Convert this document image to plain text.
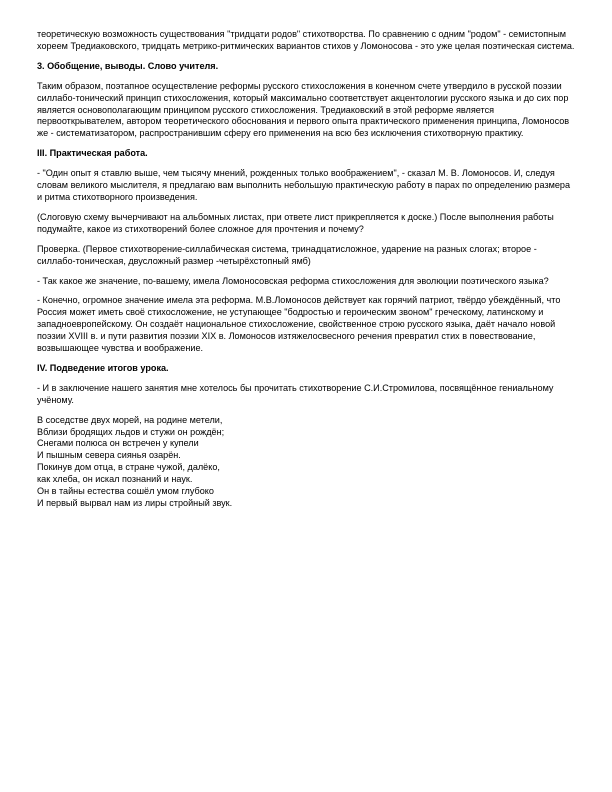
теоретическую возможность существования "тридцати родов" стихотворства. По сравнению с одним "родом" - семистопным хореем Тредиаковского, тридцать метрико-ритмических вариантов стихов у Ломоносова - это уже целая поэтическая система.

3. Обобщение, выводы. Слово учителя.

Таким образом, поэтапное осуществление реформы русского стихосложения в конечном счете утвердило в русской поэзии силлабо-тонический принцип стихосложения, который максимально соответствует акцентологии русского языка и до сих пор является основополагающим принципом русского стихосложения. Тредиаковский в этой реформе является первооткрывателем, автором теоретического обоснования и первого опыта практического применения принципа, Ломоносов же - систематизатором, распространившим сферу его применения на всю без исключения стихотворную практику.

III. Практическая работа.

- "Один опыт я ставлю выше, чем тысячу мнений, рожденных только воображением", - сказал М. В. Ломоносов. И, следуя словам великого мыслителя, я предлагаю вам выполнить небольшую практическую работу в парах по определению размера и ритма стихотворного произведения.

(Слоговую схему вычерчивают на альбомных листах, при ответе лист прикрепляется к доске.) После выполнения работы подумайте, какое из стихотворений более сложное для прочтения и почему?

Проверка. (Первое стихотворение-силлабическая система, тринадцатисложное, ударение на разных слогах; второе - силлабо-тоническая, двусложный размер -четырёхстопный ямб)

- Так какое же значение, по-вашему, имела Ломоносовская реформа стихосложения для эволюции поэтического языка?

- Конечно, огромное значение имела эта реформа. М.В.Ломоносов действует как горячий патриот, твёрдо убеждённый, что Россия может иметь своё стихосложение, не уступающее "бодростью и героическим звоном" греческому, латинскому и западноевропейскому. Он создаёт национальное стихосложение, свойственное строю русского языка, даёт начало новой поэзии XVIII в. и пути развития поэзии XIX в. Ломоносов изтяжелосвесного речения превратил стих в повествование, возвышающее чувства и воображение.

IV. Подведение итогов урока.

- И в заключение нашего занятия мне хотелось бы прочитать стихотворение С.И.Стромилова, посвящённое гениальному учёному.

В соседстве двух морей, на родине метели,
Вблизи бродящих льдов и стужи он рождён;
Снегами полюса он встречен у купели
И пышным севера сиянья озарён.
Покинув дом отца, в стране чужой, далёко,
как хлеба, он искал познаний и наук.
Он в тайны естества сошёл умом глубоко
И первый вырвал нам из лиры стройный звук.
